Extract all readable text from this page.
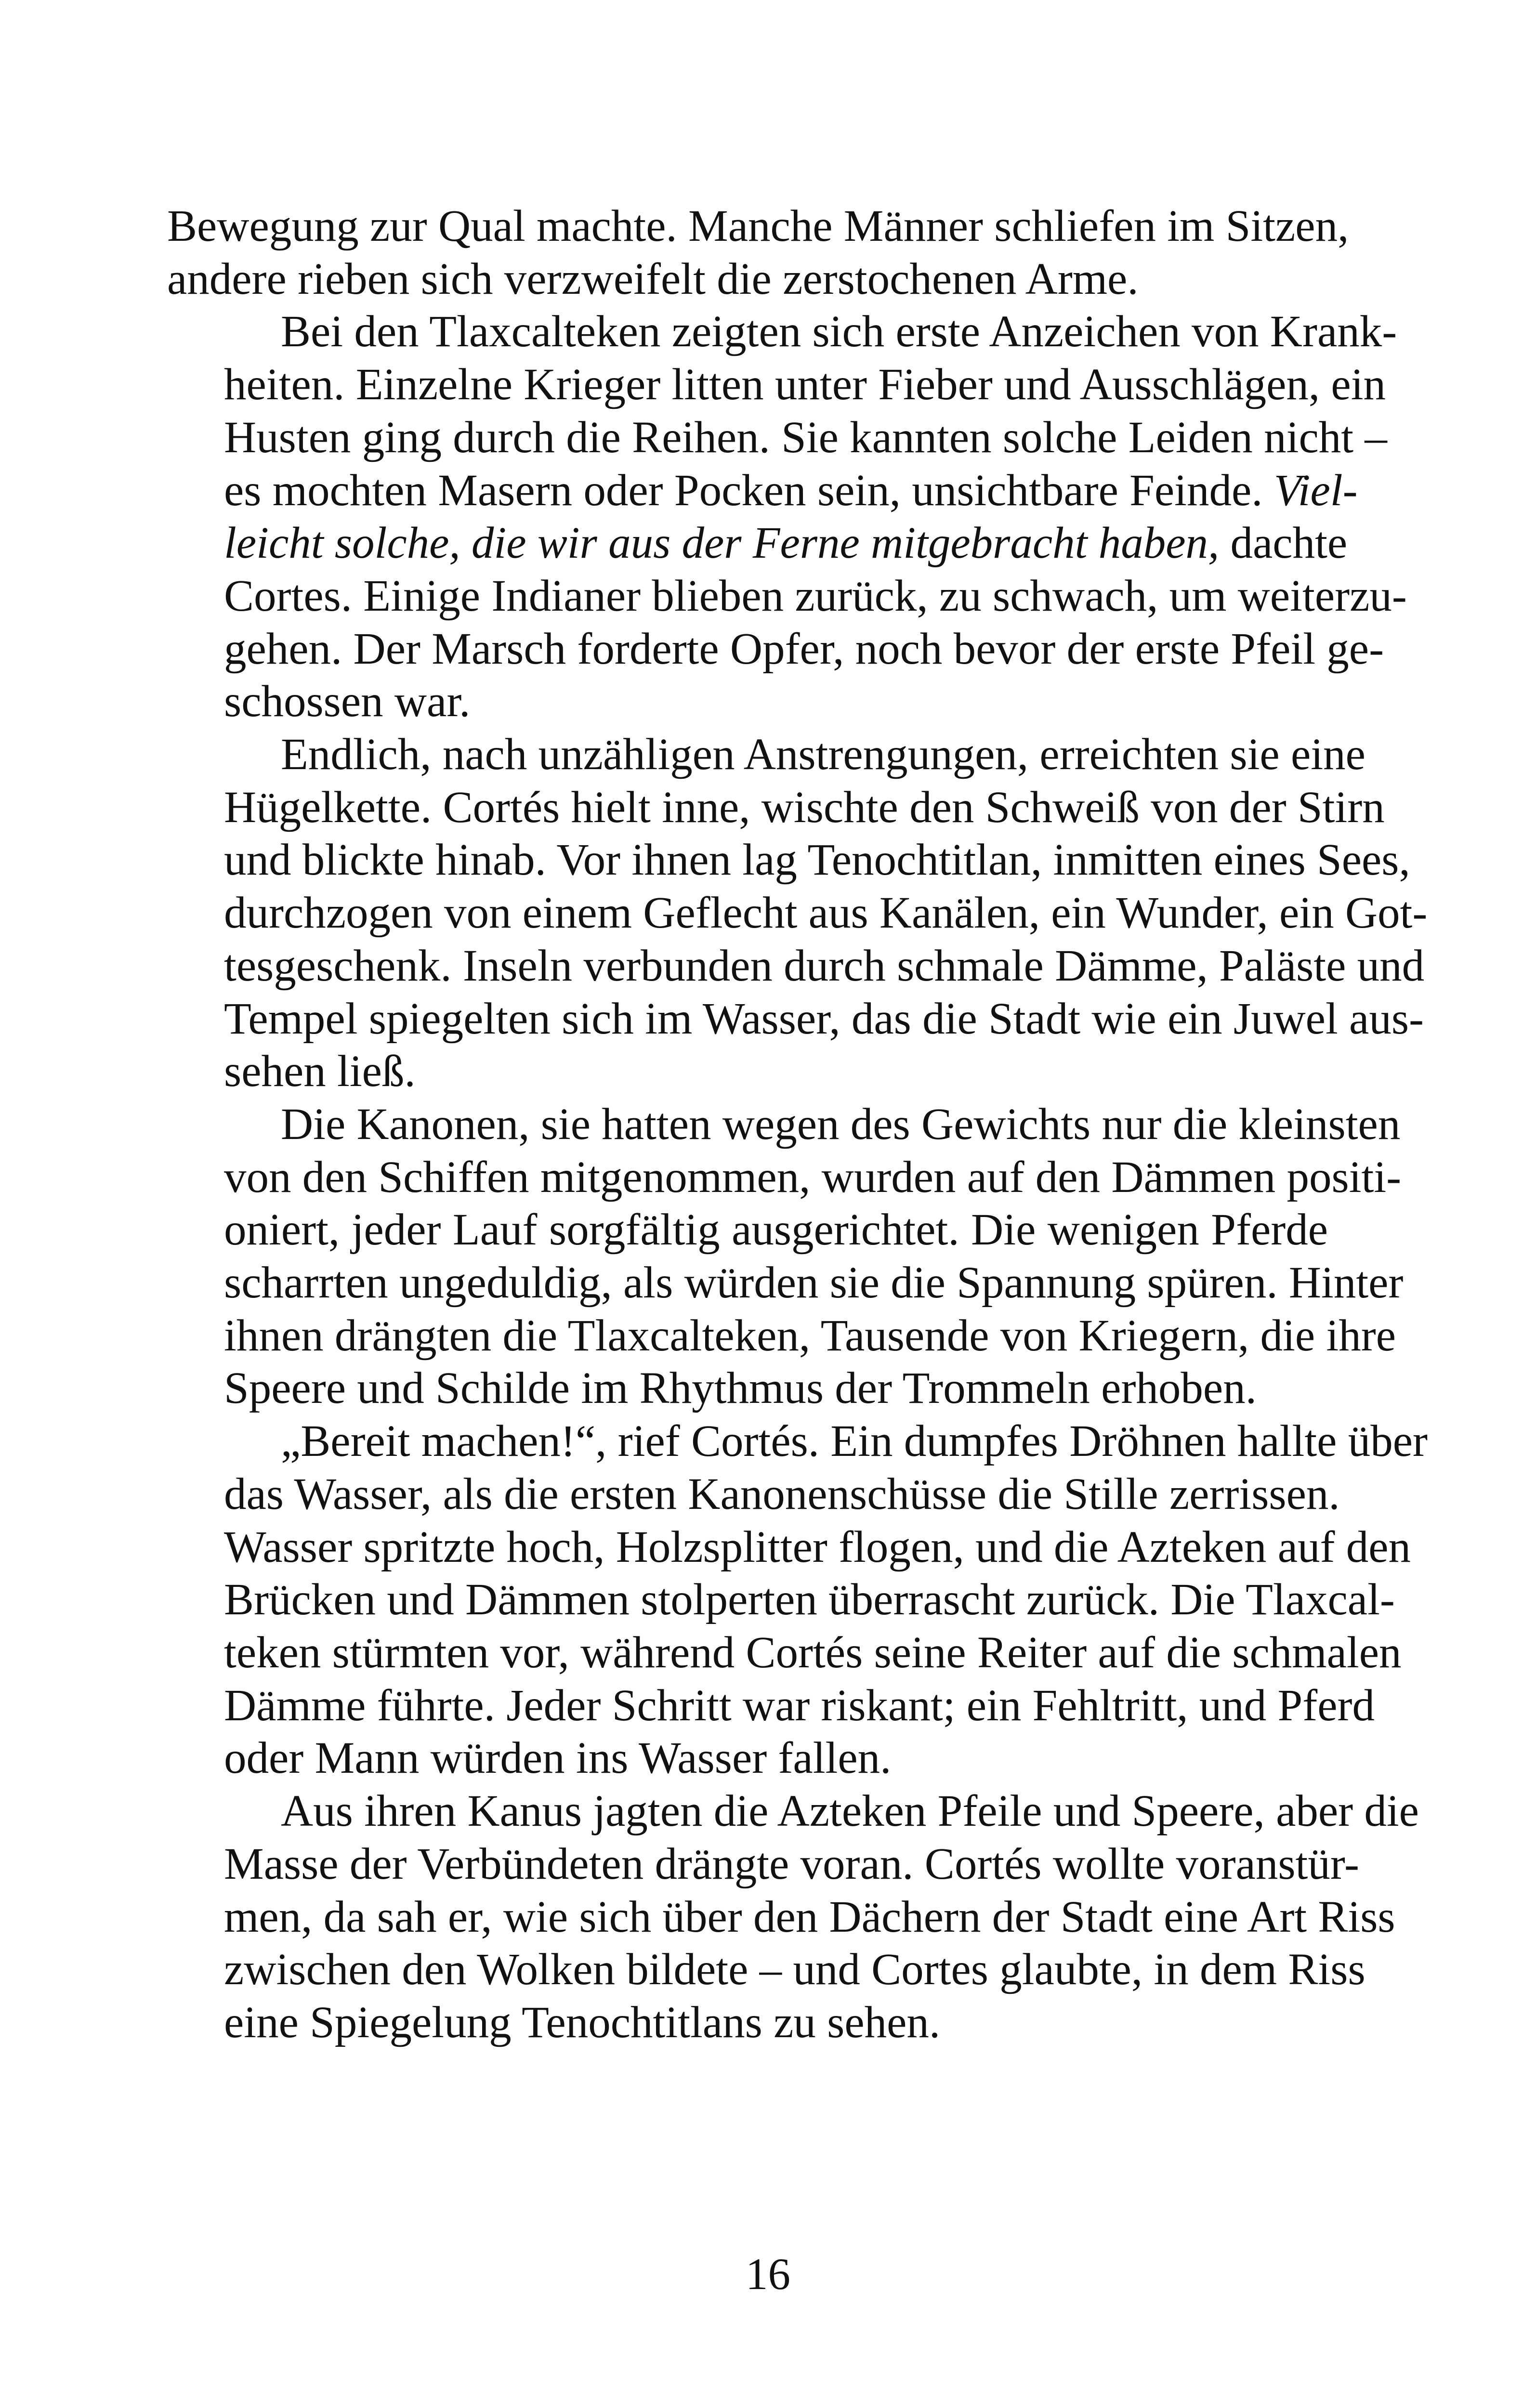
Bewegung zur Qual machte. Manche Männer schliefen im Sitzen,
andere rieben sich verzweifelt die zerstochenen Arme.

Bei den Tlaxcalteken zeigten sich erste Anzeichen von Krank-
heiten. Einzelne Krieger litten unter Fieber und Ausschlägen, ein
Husten ging durch die Reihen. Sie kannten solche Leiden nicht –
es mochten Masern oder Pocken sein, unsichtbare Feinde. Viel-
leicht solche, die wir aus der Ferne mitgebracht haben, dachte
Cortes. Einige Indianer blieben zurück, zu schwach, um weiterzu-
gehen. Der Marsch forderte Opfer, noch bevor der erste Pfeil ge-
schossen war.

Endlich, nach unzähligen Anstrengungen, erreichten sie eine
Hügelkette. Cortés hielt inne, wischte den Schweiß von der Stirn
und blickte hinab. Vor ihnen lag Tenochtitlan, inmitten eines Sees,
durchzogen von einem Geflecht aus Kanälen, ein Wunder, ein Got-
tesgeschenk. Inseln verbunden durch schmale Dämme, Paläste und
Tempel spiegelten sich im Wasser, das die Stadt wie ein Juwel aus-
sehen ließ.

Die Kanonen, sie hatten wegen des Gewichts nur die kleinsten
von den Schiffen mitgenommen, wurden auf den Dämmen positi-
oniert, jeder Lauf sorgfältig ausgerichtet. Die wenigen Pferde
scharrten ungeduldig, als würden sie die Spannung spüren. Hinter
ihnen drängten die Tlaxcalteken, Tausende von Kriegern, die ihre
Speere und Schilde im Rhythmus der Trommeln erhoben.

„Bereit machen!“, rief Cortés. Ein dumpfes Dröhnen hallte über
das Wasser, als die ersten Kanonenschüsse die Stille zerrissen.
Wasser spritzte hoch, Holzsplitter flogen, und die Azteken auf den
Brücken und Dämmen stolperten überrascht zurück. Die Tlaxcal-
teken stürmten vor, während Cortés seine Reiter auf die schmalen
Dämme führte. Jeder Schritt war riskant; ein Fehltritt, und Pferd
oder Mann würden ins Wasser fallen.

Aus ihren Kanus jagten die Azteken Pfeile und Speere, aber die
Masse der Verbündeten drängte voran. Cortés wollte voranstür-
men, da sah er, wie sich über den Dächern der Stadt eine Art Riss
zwischen den Wolken bildete – und Cortes glaubte, in dem Riss
eine Spiegelung Tenochtitlans zu sehen.

16
